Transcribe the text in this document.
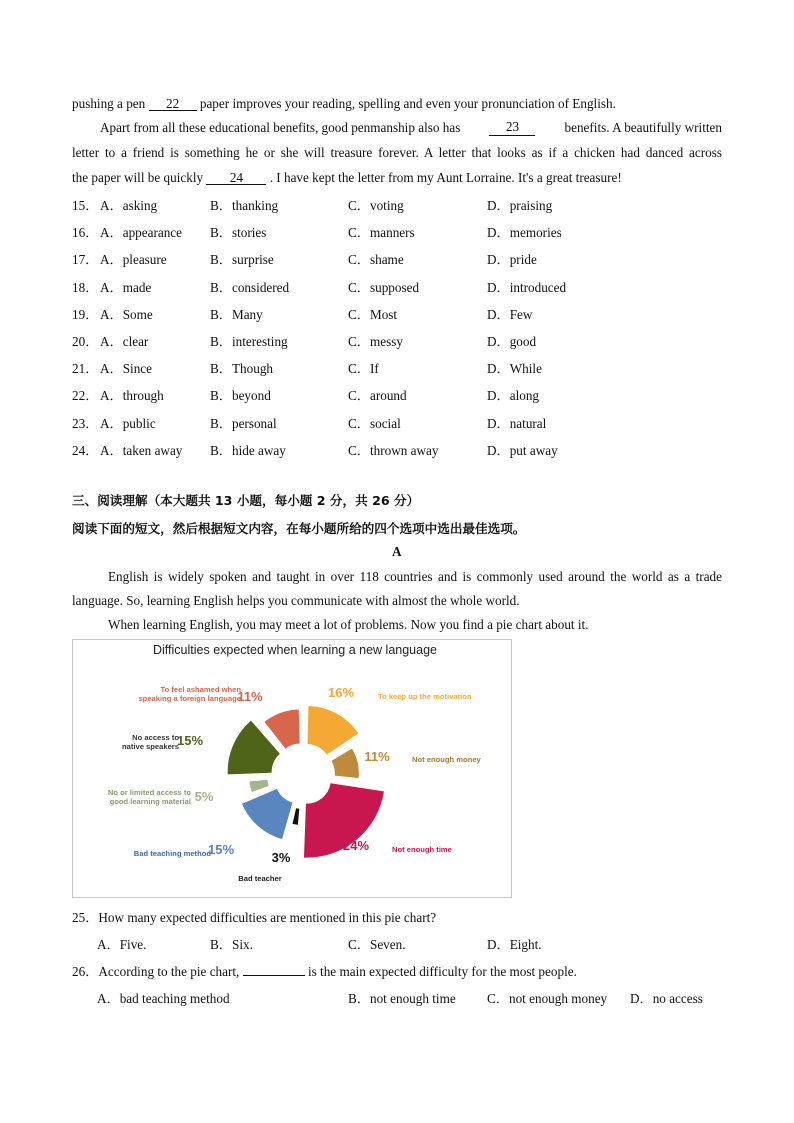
pushing a pen 22 paper improves your reading, spelling and even your pronunciation of English.
Apart from all these educational benefits, good penmanship also has	23	benefits. A beautifully written
letter to a friend is something he or she will treasure forever. A letter that looks as if a chicken had danced across
the paper will be quickly 24 . I have kept the letter from my Aunt Lorraine. It's a great treasure!
15． A．asking	B．thanking	C．voting	D．praising
16． A．appearance B．stories	C．manners	D．memories
17． A．pleasure	B．surprise	C．shame	D．pride
18． A．made	B．considered	C．supposed	D．introduced
19． A．Some	B．Many	C．Most	D．Few
20． A．clear	B．interesting	C．messy	D．good
21． A．Since	B．Though	C．If	D．While
22． A．through	B．beyond	C．around	D．along
23． A．public	B．personal	C．social	D．natural
24． A．taken away B．hide away	C．thrown away	D．put away
三、阅读理解（本大题共 13 小题，每小题 2 分，共 26 分）
阅读下面的短文，然后根据短文内容，在每小题所给的四个选项中选出最佳选项。
A
English is widely spoken and taught in over 118 countries and is commonly used around the world as a trade
language. So, learning English helps you communicate with almost the whole world.
When learning English, you may meet a lot of problems. Now you find a pie chart about it.
Difficulties expected when learning a new language
16%	To keep up the motivation
11%	Not enough money
24%	Not enough time
3%
Bad teacher
15%
Bad teaching method
5%
No or limited access to good learning material
15%
No access to native speakers
11%
To feel ashamed when speaking a foreign language
25．How many expected difficulties are mentioned in this pie chart?
A．Five.	B．Six.	C．Seven.	D．Eight.
26．According to the pie chart,	is the main expected difficulty for the most people.
A．bad teaching method	B．not enough time C．not enough money D．no access
